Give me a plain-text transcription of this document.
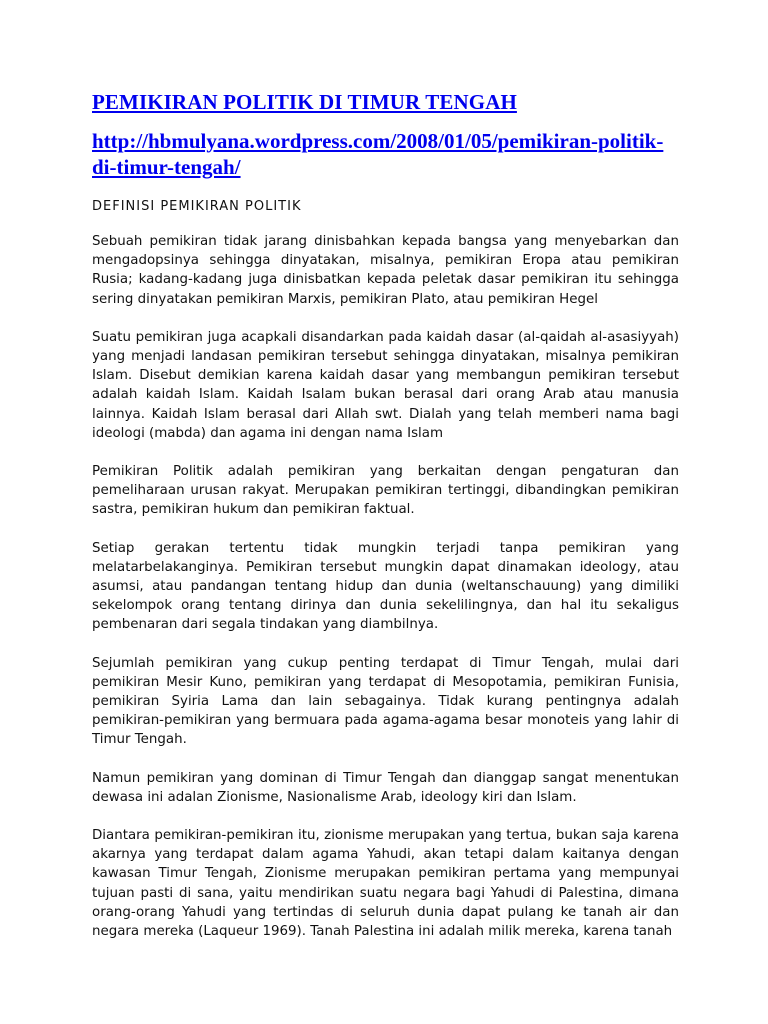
PEMIKIRAN POLITIK DI TIMUR TENGAH
http://hbmulyana.wordpress.com/2008/01/05/pemikiran-politik-di-timur-tengah/
DEFINISI PEMIKIRAN POLITIK

Sebuah pemikiran tidak jarang dinisbahkan kepada bangsa yang menyebarkan dan mengadopsinya sehingga dinyatakan, misalnya, pemikiran Eropa atau pemikiran Rusia; kadang-kadang juga dinisbatkan kepada peletak dasar pemikiran itu sehingga sering dinyatakan pemikiran Marxis, pemikiran Plato, atau pemikiran Hegel

Suatu pemikiran juga acapkali disandarkan pada kaidah dasar (al-qaidah al-asasiyyah) yang menjadi landasan pemikiran tersebut sehingga dinyatakan, misalnya pemikiran Islam. Disebut demikian karena kaidah dasar yang membangun pemikiran tersebut adalah kaidah Islam. Kaidah Isalam bukan berasal dari orang Arab atau manusia lainnya. Kaidah Islam berasal dari Allah swt. Dialah yang telah memberi nama bagi ideologi (mabda) dan agama ini dengan nama Islam

Pemikiran Politik adalah pemikiran yang berkaitan dengan pengaturan dan pemeliharaan urusan rakyat. Merupakan pemikiran tertinggi, dibandingkan pemikiran sastra, pemikiran hukum dan pemikiran faktual.

Setiap gerakan tertentu tidak mungkin terjadi tanpa pemikiran yang melatarbelakanginya. Pemikiran tersebut mungkin dapat dinamakan ideology, atau asumsi, atau pandangan tentang hidup dan dunia (weltanschauung) yang dimiliki sekelompok orang tentang dirinya dan dunia sekelilingnya, dan hal itu sekaligus pembenaran dari segala tindakan yang diambilnya.

Sejumlah pemikiran yang cukup penting terdapat di Timur Tengah, mulai dari pemikiran Mesir Kuno, pemikiran yang terdapat di Mesopotamia, pemikiran Funisia, pemikiran Syiria Lama dan lain sebagainya. Tidak kurang pentingnya adalah pemikiran-pemikiran yang bermuara pada agama-agama besar monoteis yang lahir di Timur Tengah.

Namun pemikiran yang dominan di Timur Tengah dan dianggap sangat menentukan dewasa ini adalan Zionisme, Nasionalisme Arab, ideology kiri dan Islam.

Diantara pemikiran-pemikiran itu, zionisme merupakan yang tertua, bukan saja karena akarnya yang terdapat dalam agama Yahudi, akan tetapi dalam kaitanya dengan kawasan Timur Tengah, Zionisme merupakan pemikiran pertama yang mempunyai tujuan pasti di sana, yaitu mendirikan suatu negara bagi Yahudi di Palestina, dimana orang-orang Yahudi yang tertindas di seluruh dunia dapat pulang ke tanah air dan negara mereka (Laqueur 1969). Tanah Palestina ini adalah milik mereka, karena tanah
